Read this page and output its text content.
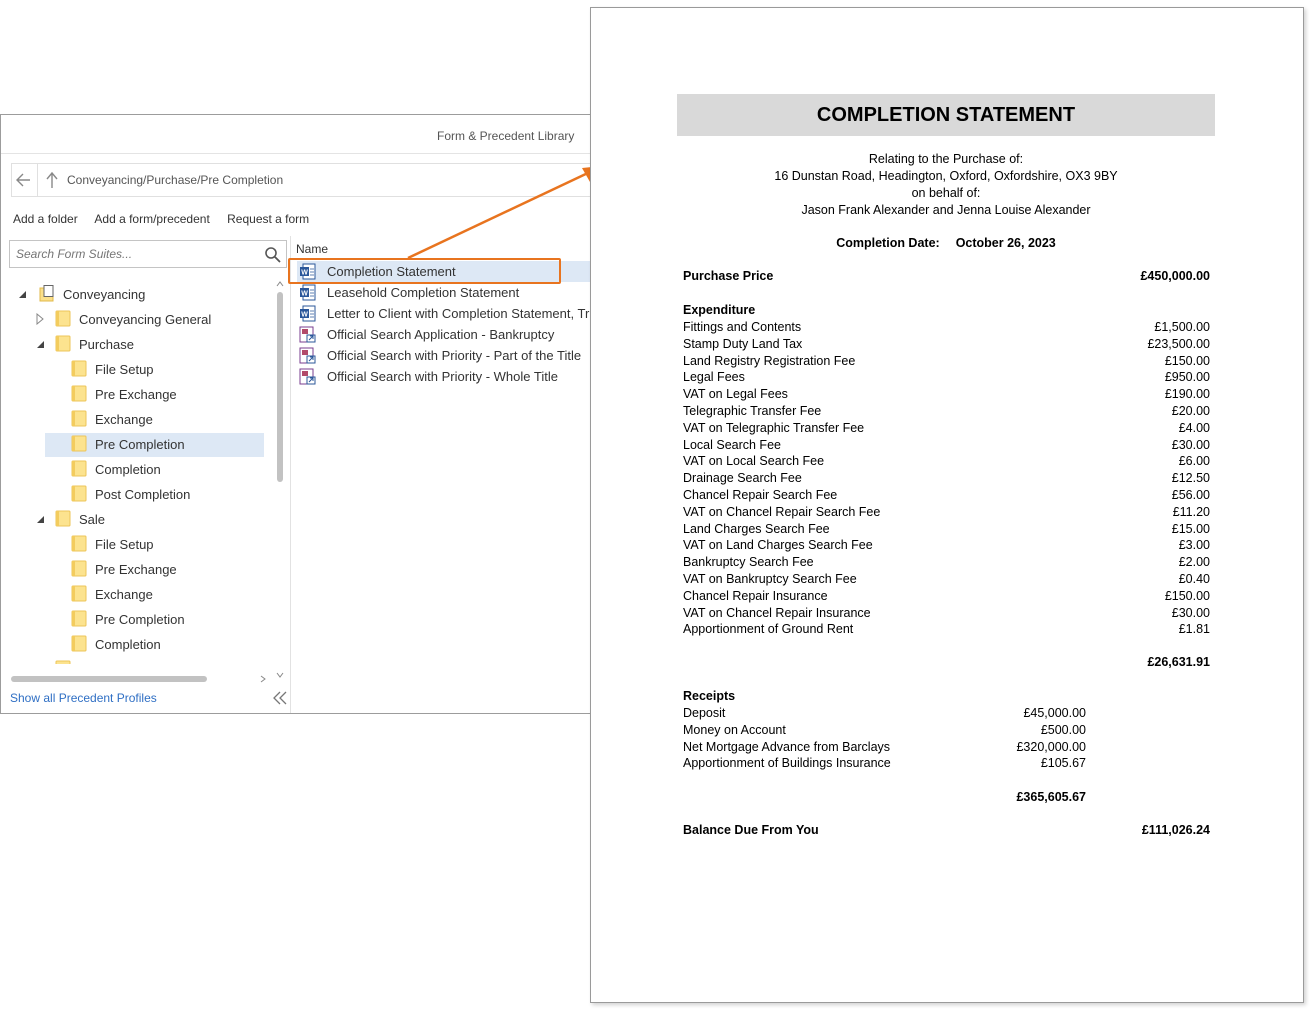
Form & Precedent Library
Conveyancing/Purchase/Pre Completion
Add a folder Add a form/precedent Request a form
Search Form Suites...
Conveyancing
Conveyancing General
Purchase
File Setup
Pre Exchange
Exchange
Pre Completion
Completion
Post Completion
Sale
File Setup
Pre Exchange
Exchange
Pre Completion
Completion
Show all Precedent Profiles
Name
W Completion Statement
W Leasehold Completion Statement
W Letter to Client with Completion Statement, Tr
Official Search Application - Bankruptcy
Official Search with Priority - Part of the Title
Official Search with Priority - Whole Title
COMPLETION STATEMENT
Relating to the Purchase of:
16 Dunstan Road, Headington, Oxford, Oxfordshire, OX3 9BY
on behalf of:
Jason Frank Alexander and Jenna Louise Alexander
Completion Date: October 26, 2023
Purchase Price	£450,000.00
Expenditure
Fittings and Contents	£1,500.00
Stamp Duty Land Tax	£23,500.00
Land Registry Registration Fee	£150.00
Legal Fees	£950.00
VAT on Legal Fees	£190.00
Telegraphic Transfer Fee	£20.00
VAT on Telegraphic Transfer Fee	£4.00
Local Search Fee	£30.00
VAT on Local Search Fee	£6.00
Drainage Search Fee	£12.50
Chancel Repair Search Fee	£56.00
VAT on Chancel Repair Search Fee	£11.20
Land Charges Search Fee	£15.00
VAT on Land Charges Search Fee	£3.00
Bankruptcy Search Fee	£2.00
VAT on Bankruptcy Search Fee	£0.40
Chancel Repair Insurance	£150.00
VAT on Chancel Repair Insurance	£30.00
Apportionment of Ground Rent	£1.81
£26,631.91
Receipts
Deposit	£45,000.00
Money on Account	£500.00
Net Mortgage Advance from Barclays	£320,000.00
Apportionment of Buildings Insurance	£105.67
£365,605.67
Balance Due From You	£111,026.24
